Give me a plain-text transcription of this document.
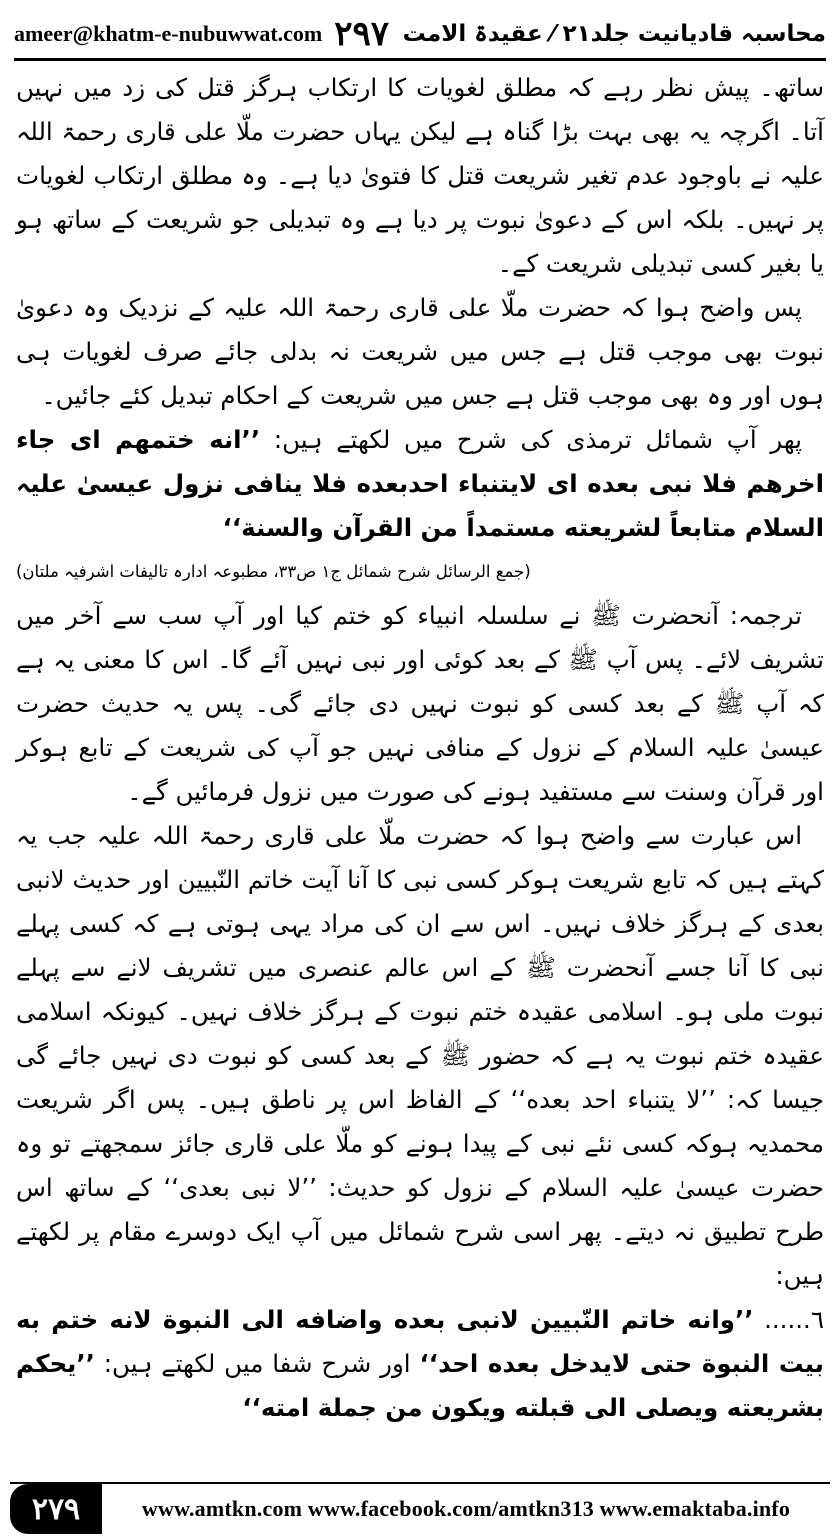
ameer@khatm-e-nubuwwat.com ۲۹۷ محاسبہ قادیانیت جلد۲۱ ⁄ عقیدۃ الامت

ساتھ۔ پیش نظر رہے کہ مطلق لغویات کا ارتکاب ہرگز قتل کی زد میں نہیں آتا۔ اگرچہ یہ بھی بہت بڑا گناہ ہے لیکن یہاں حضرت ملّا علی قاری رحمۃ اللہ علیہ نے باوجود عدم تغیر شریعت قتل کا فتویٰ دیا ہے۔ وہ مطلق ارتکاب لغویات پر نہیں۔ بلکہ اس کے دعویٰ نبوت پر دیا ہے وہ تبدیلی جو شریعت کے ساتھ ہو یا بغیر کسی تبدیلی شریعت کے۔

پس واضح ہوا کہ حضرت ملّا علی قاری رحمۃ اللہ علیہ کے نزدیک وہ دعویٰ نبوت بھی موجب قتل ہے جس میں شریعت نہ بدلی جائے صرف لغویات ہی ہوں اور وہ بھی موجب قتل ہے جس میں شریعت کے احکام تبدیل کئے جائیں۔

پھر آپ شمائل ترمذی کی شرح میں لکھتے ہیں: ’’انه ختمهم ای جاء اخرهم فلا نبی بعده ای لایتنباء احدبعده فلا ینافی نزول عیسیٰ علیہ السلام متابعاً لشریعته مستمداً من القرآن والسنة‘‘

(جمع الرسائل شرح شمائل ج۱ ص۳۳، مطبوعہ ادارہ تالیفات اشرفیہ ملتان)

ترجمہ: آنحضرت ﷺ نے سلسلہ انبیاء کو ختم کیا اور آپ سب سے آخر میں تشریف لائے۔ پس آپ ﷺ کے بعد کوئی اور نبی نہیں آئے گا۔ اس کا معنی یہ ہے کہ آپ ﷺ کے بعد کسی کو نبوت نہیں دی جائے گی۔ پس یہ حدیث حضرت عیسیٰ علیہ السلام کے نزول کے منافی نہیں جو آپ کی شریعت کے تابع ہوکر اور قرآن وسنت سے مستفید ہونے کی صورت میں نزول فرمائیں گے۔

اس عبارت سے واضح ہوا کہ حضرت ملّا علی قاری رحمۃ اللہ علیہ جب یہ کہتے ہیں کہ تابع شریعت ہوکر کسی نبی کا آنا آیت خاتم النّبیین اور حدیث لانبی بعدی کے ہرگز خلاف نہیں۔ اس سے ان کی مراد یہی ہوتی ہے کہ کسی پہلے نبی کا آنا جسے آنحضرت ﷺ کے اس عالم عنصری میں تشریف لانے سے پہلے نبوت ملی ہو۔ اسلامی عقیدہ ختم نبوت کے ہرگز خلاف نہیں۔ کیونکہ اسلامی عقیدہ ختم نبوت یہ ہے کہ حضور ﷺ کے بعد کسی کو نبوت دی نہیں جائے گی جیسا کہ: ’’لا یتنباء احد بعده‘‘ کے الفاظ اس پر ناطق ہیں۔ پس اگر شریعت محمدیہ ہوکہ کسی نئے نبی کے پیدا ہونے کو ملّا علی قاری جائز سمجھتے تو وہ حضرت عیسیٰ علیہ السلام کے نزول کو حدیث: ’’لا نبی بعدی‘‘ کے ساتھ اس طرح تطبیق نہ دیتے۔ پھر اسی شرح شمائل میں آپ ایک دوسرے مقام پر لکھتے ہیں:

٦...... ’’وانه خاتم النّبیین لانبی بعده واضافه الی النبوة لانه ختم به بیت النبوة حتی لایدخل بعده احد‘‘ اور شرح شفا میں لکھتے ہیں: ’’یحکم بشریعته ویصلی الی قبلته ویکون من جملة امته‘‘

۲۷۹	www.amtkn.com www.facebook.com/amtkn313 www.emaktaba.info
